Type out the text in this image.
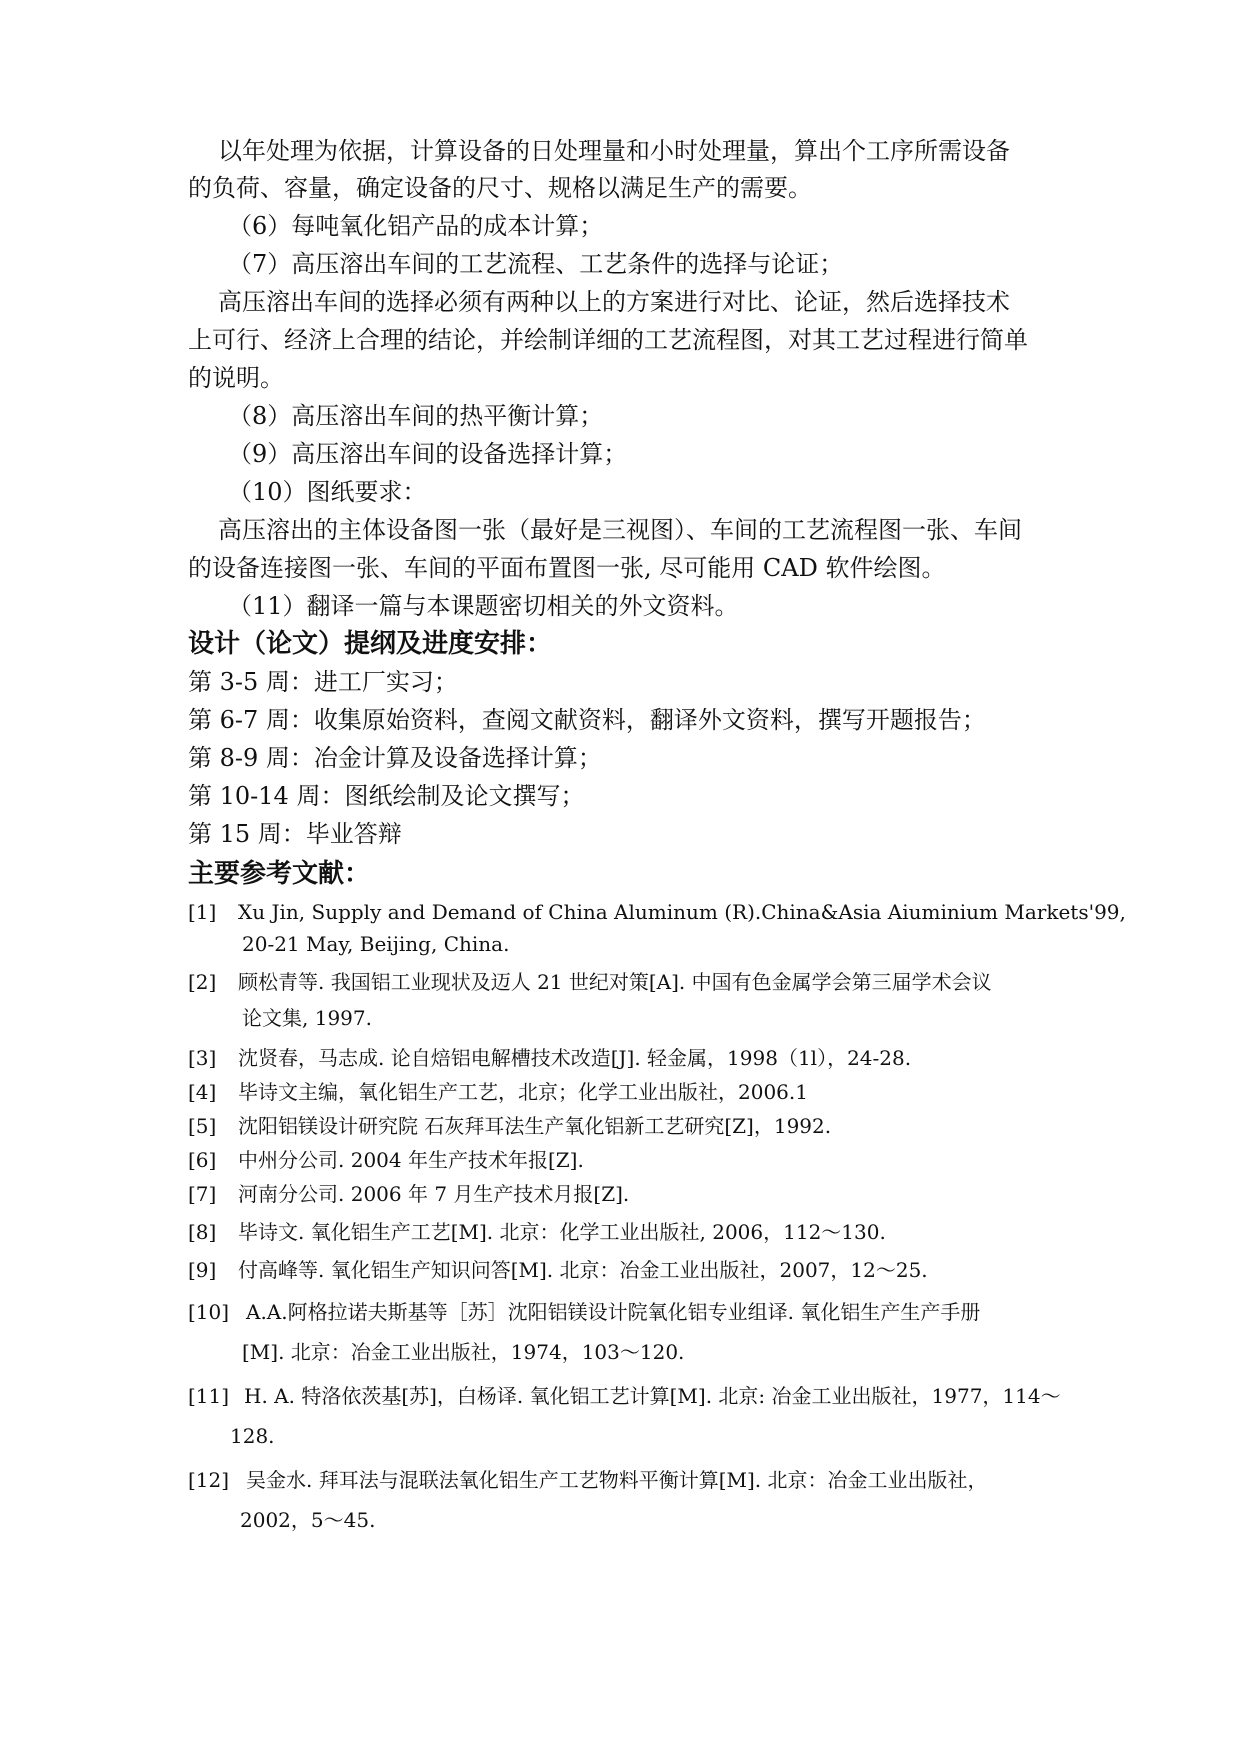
以年处理为依据，计算设备的日处理量和小时处理量，算出个工序所需设备
的负荷、容量，确定设备的尺寸、规格以满足生产的需要。
（6）每吨氧化铝产品的成本计算；
（7）高压溶出车间的工艺流程、工艺条件的选择与论证；
高压溶出车间的选择必须有两种以上的方案进行对比、论证，然后选择技术
上可行、经济上合理的结论，并绘制详细的工艺流程图，对其工艺过程进行简单
的说明。
（8）高压溶出车间的热平衡计算；
（9）高压溶出车间的设备选择计算；
（10）图纸要求：
高压溶出的主体设备图一张（最好是三视图）、车间的工艺流程图一张、车间
的设备连接图一张、车间的平面布置图一张, 尽可能用 CAD 软件绘图。
（11）翻译一篇与本课题密切相关的外文资料。
设计（论文）提纲及进度安排：
第 3-5 周：进工厂实习；
第 6-7 周：收集原始资料，查阅文献资料，翻译外文资料，撰写开题报告；
第 8-9 周：冶金计算及设备选择计算；
第 10-14 周：图纸绘制及论文撰写；
第 15 周：毕业答辩
主要参考文献：
[1] Xu Jin, Supply and Demand of China Aluminum (R).China&Asia Aiuminium Markets'99,
20-21 May, Beijing, China.
[2] 顾松青等. 我国铝工业现状及迈人 21 世纪对策[A]. 中国有色金属学会第三届学术会议
论文集, 1997.
[3] 沈贤春，马志成. 论自焙铝电解槽技术改造[J]. 轻金属，1998（1l），24-28.
[4] 毕诗文主编，氧化铝生产工艺，北京；化学工业出版社，2006.1
[5] 沈阳铝镁设计研究院 石灰拜耳法生产氧化铝新工艺研究[Z]，1992.
[6] 中州分公司. 2004 年生产技术年报[Z].
[7] 河南分公司. 2006 年 7 月生产技术月报[Z].
[8] 毕诗文. 氧化铝生产工艺[M]. 北京：化学工业出版社, 2006，112～130.
[9] 付高峰等. 氧化铝生产知识问答[M]. 北京：冶金工业出版社，2007，12～25.
[10] A.A.阿格拉诺夫斯基等［苏］沈阳铝镁设计院氧化铝专业组译. 氧化铝生产生产手册
[M]. 北京：冶金工业出版社，1974，103～120.
[11] H. A. 特洛依茨基[苏]，白杨译. 氧化铝工艺计算[M]. 北京: 冶金工业出版社，1977，114～
128.
[12] 吴金水. 拜耳法与混联法氧化铝生产工艺物料平衡计算[M]. 北京：冶金工业出版社，
2002，5～45.
